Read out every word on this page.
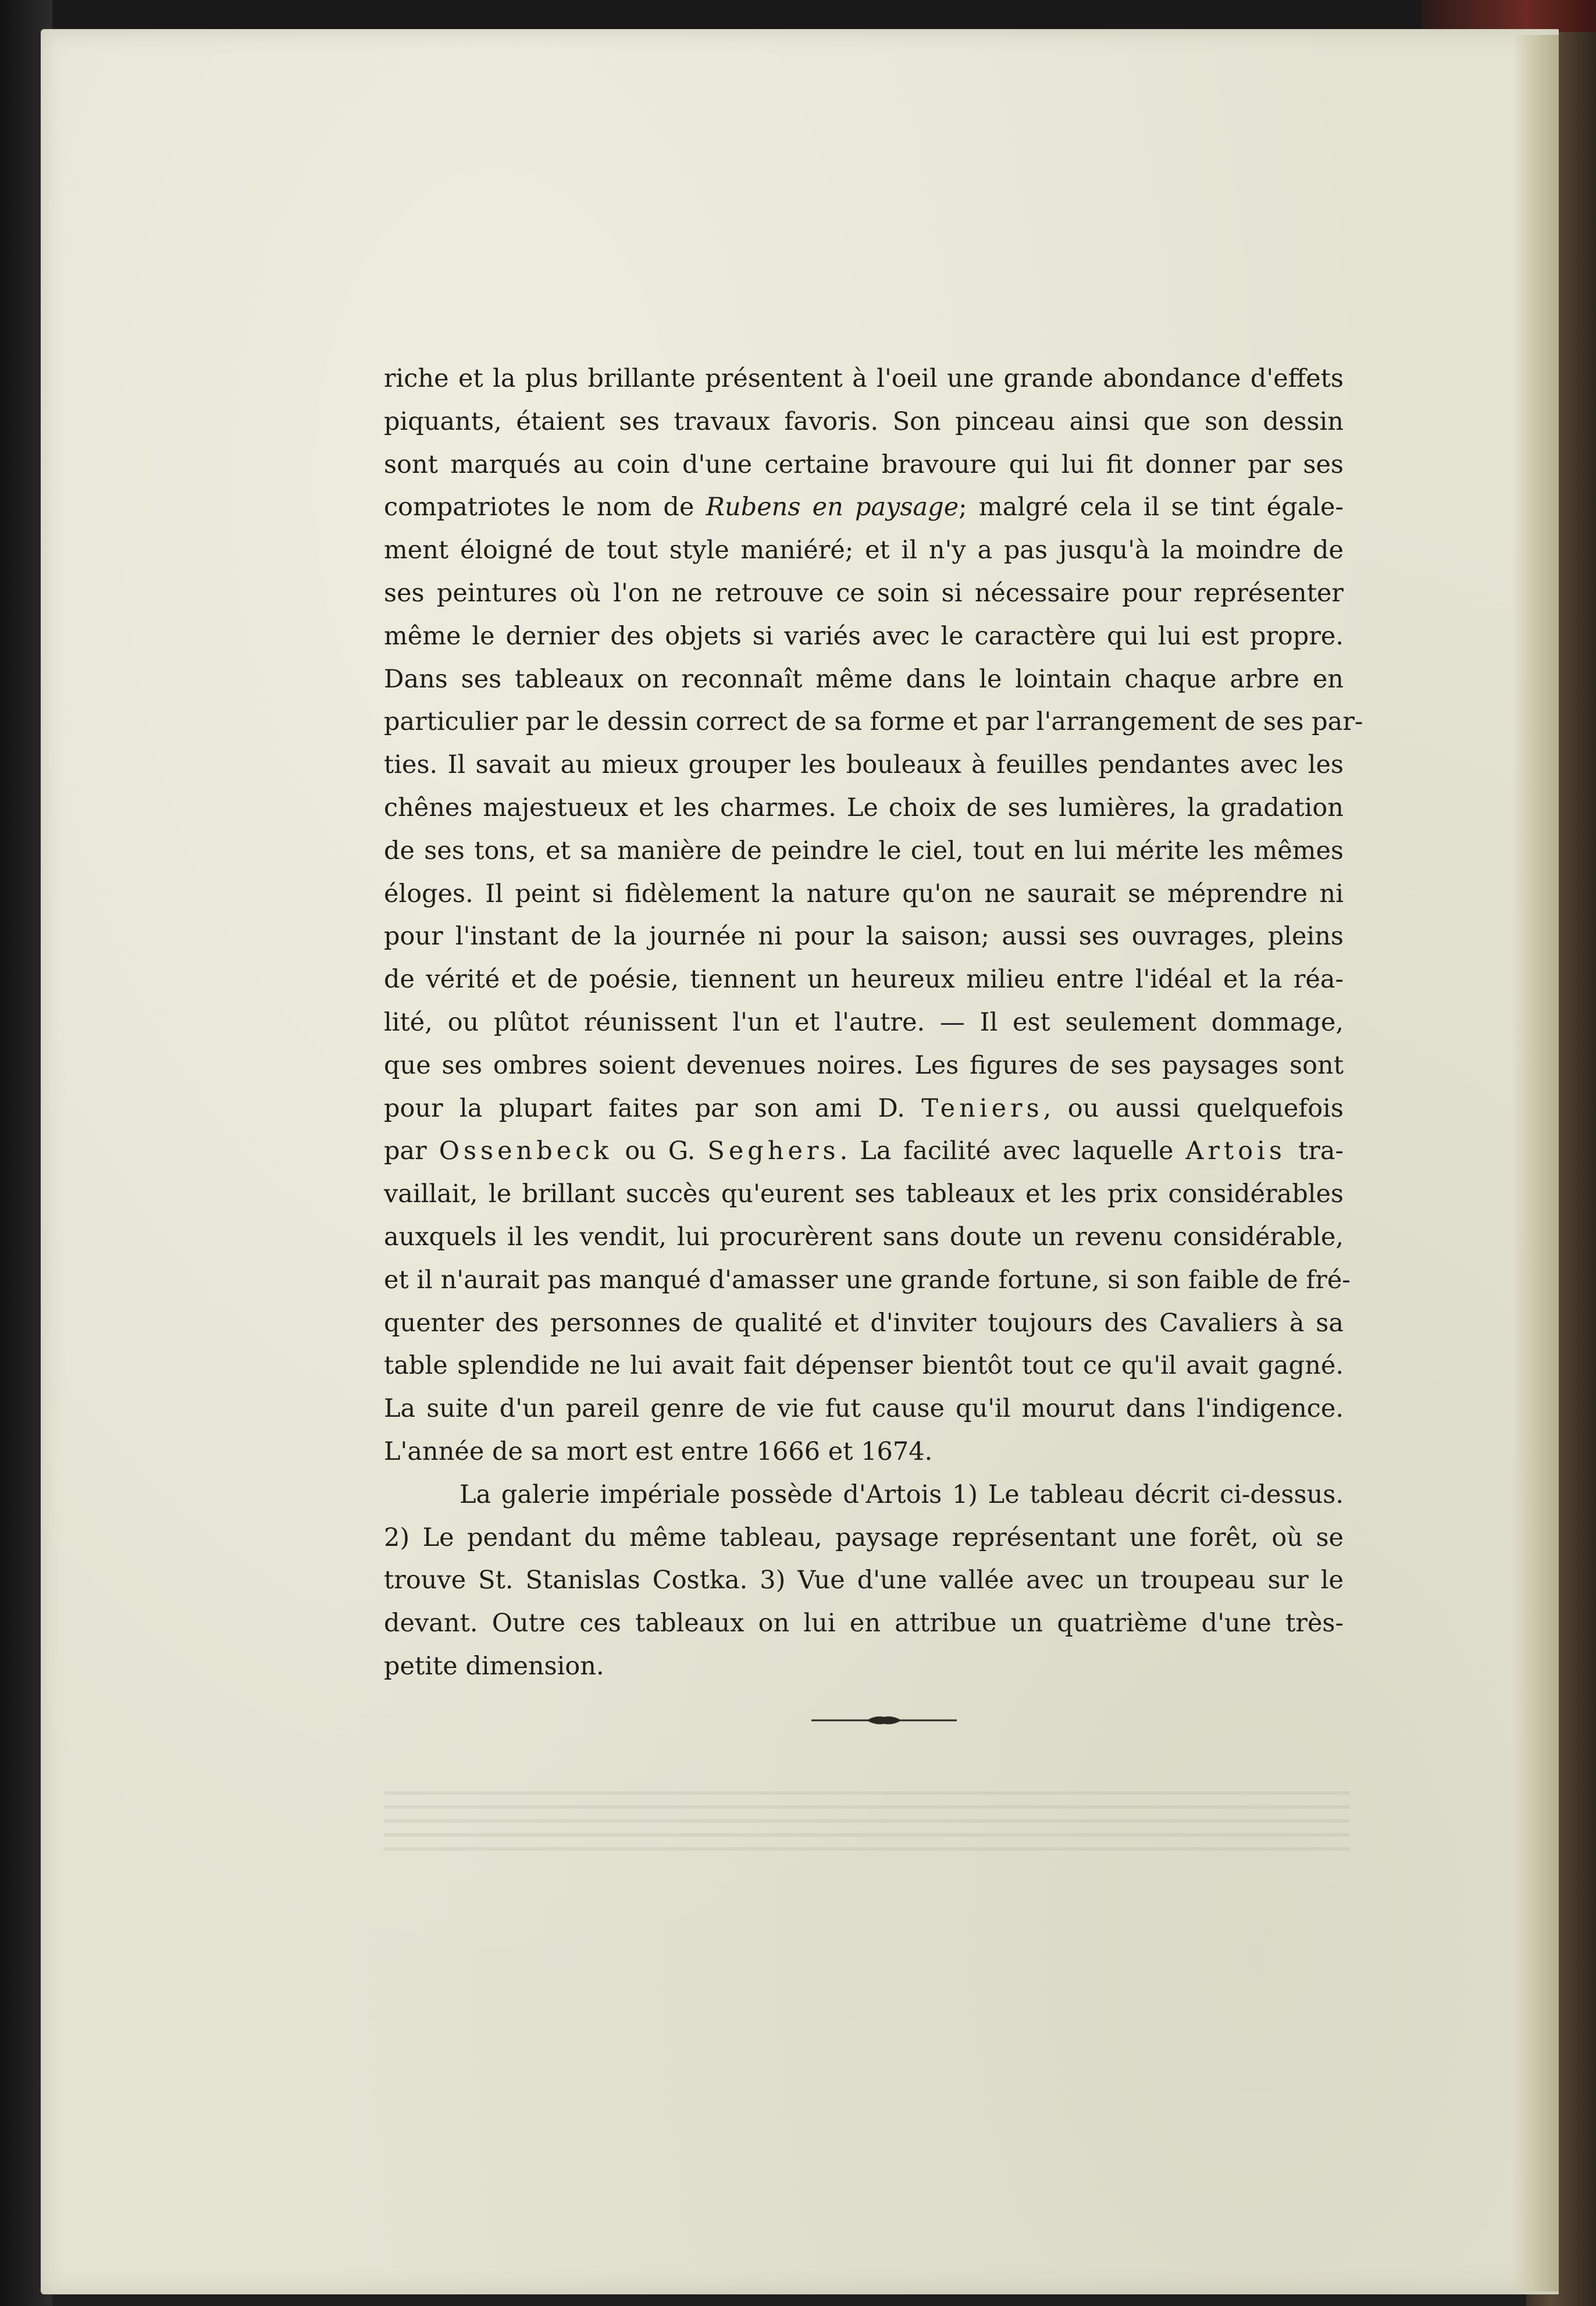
riche et la plus brillante présentent à l'oeil une grande abondance d'effets
piquants, étaient ses travaux favoris. Son pinceau ainsi que son dessin
sont marqués au coin d'une certaine bravoure qui lui fit donner par ses
compatriotes le nom de Rubens en paysage; malgré cela il se tint égale-
ment éloigné de tout style maniéré; et il n'y a pas jusqu'à la moindre de
ses peintures où l'on ne retrouve ce soin si nécessaire pour représenter
même le dernier des objets si variés avec le caractère qui lui est propre.
Dans ses tableaux on reconnaît même dans le lointain chaque arbre en
particulier par le dessin correct de sa forme et par l'arrangement de ses par-
ties. Il savait au mieux grouper les bouleaux à feuilles pendantes avec les
chênes majestueux et les charmes. Le choix de ses lumières, la gradation
de ses tons, et sa manière de peindre le ciel, tout en lui mérite les mêmes
éloges. Il peint si fidèlement la nature qu'on ne saurait se méprendre ni
pour l'instant de la journée ni pour la saison; aussi ses ouvrages, pleins
de vérité et de poésie, tiennent un heureux milieu entre l'idéal et la réa-
lité, ou plûtot réunissent l'un et l'autre. — Il est seulement dommage,
que ses ombres soient devenues noires. Les figures de ses paysages sont
pour la plupart faites par son ami D. Teniers, ou aussi quelquefois
par Ossenbeck ou G. Seghers. La facilité avec laquelle Artois tra-
vaillait, le brillant succès qu'eurent ses tableaux et les prix considérables
auxquels il les vendit, lui procurèrent sans doute un revenu considérable,
et il n'aurait pas manqué d'amasser une grande fortune, si son faible de fré-
quenter des personnes de qualité et d'inviter toujours des Cavaliers à sa
table splendide ne lui avait fait dépenser bientôt tout ce qu'il avait gagné.
La suite d'un pareil genre de vie fut cause qu'il mourut dans l'indigence.
L'année de sa mort est entre 1666 et 1674.
La galerie impériale possède d'Artois 1) Le tableau décrit ci-dessus.
2) Le pendant du même tableau, paysage représentant une forêt, où se
trouve St. Stanislas Costka. 3) Vue d'une vallée avec un troupeau sur le
devant. Outre ces tableaux on lui en attribue un quatrième d'une très-
petite dimension.
